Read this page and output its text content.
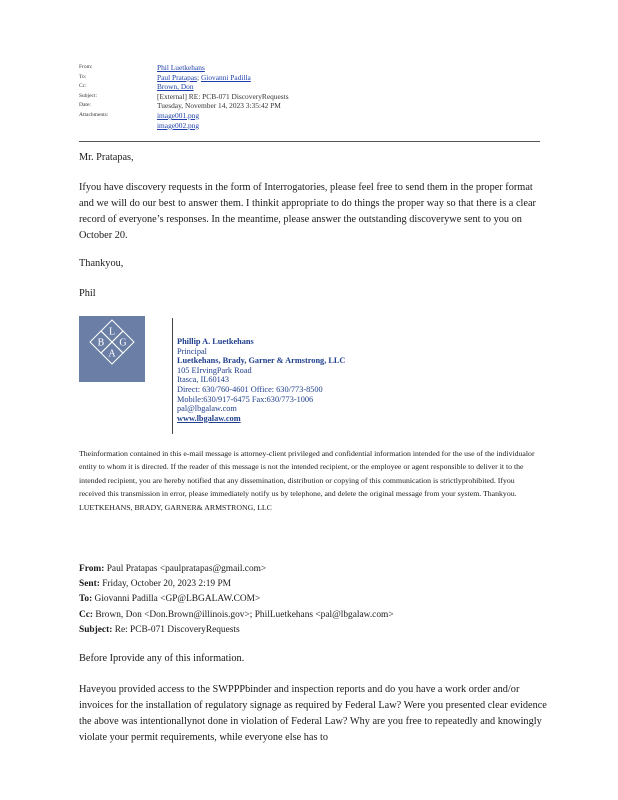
From:	Phil Luetkehans
To:	Paul Pratapas; Giovanni Padilla
Cc:	Brown, Don
Subject:	[External] RE: PCB-071 DiscoveryRequests
Date:	Tuesday, November 14, 2023 3:35:42 PM
Attachments:	image001.png
image002.png

Mr. Pratapas,

Ifyou have discovery requests in the form of Interrogatories, please feel free to send them in the proper format and we will do our best to answer them. I thinkit appropriate to do things the proper way so that there is a clear record of everyone’s responses. In the meantime, please answer the outstanding discoverywe sent to you on October 20.

Thankyou,

Phil

L
B G
A
Phillip A. Luetkehans
Principal
Luetkehans, Brady, Garner & Armstrong, LLC
105 EIrvingPark Road
Itasca, IL60143
Direct: 630/760-4601 Office: 630/773-8500
Mobile:630/917-6475 Fax:630/773-1006
pal@lbgalaw.com
www.lbgalaw.com

Theinformation contained in this e-mail message is attorney-client privileged and confidential information intended for the use of the individualor entity to whom it is directed. If the reader of this message is not the intended recipient, or the employee or agent responsible to deliver it to the intended recipient, you are hereby notified that any dissemination, distribution or copying of this communication is strictlyprohibited. Ifyou received this transmission in error, please immediately notify us by telephone, and delete the original message from your system. Thankyou. LUETKEHANS, BRADY, GARNER& ARMSTRONG, LLC

From: Paul Pratapas <paulpratapas@gmail.com>
Sent: Friday, October 20, 2023 2:19 PM
To: Giovanni Padilla <GP@LBGALAW.COM>
Cc: Brown, Don <Don.Brown@illinois.gov>; PhilLuetkehans <pal@lbgalaw.com>
Subject: Re: PCB-071 DiscoveryRequests

Before Iprovide any of this information.

Haveyou provided access to the SWPPPbinder and inspection reports and do you have a work order and/or invoices for the installation of regulatory signage as required by Federal Law? Were you presented clear evidence the above was intentionallynot done in violation of Federal Law? Why are you free to repeatedly and knowingly violate your permit requirements, while everyone else has to
